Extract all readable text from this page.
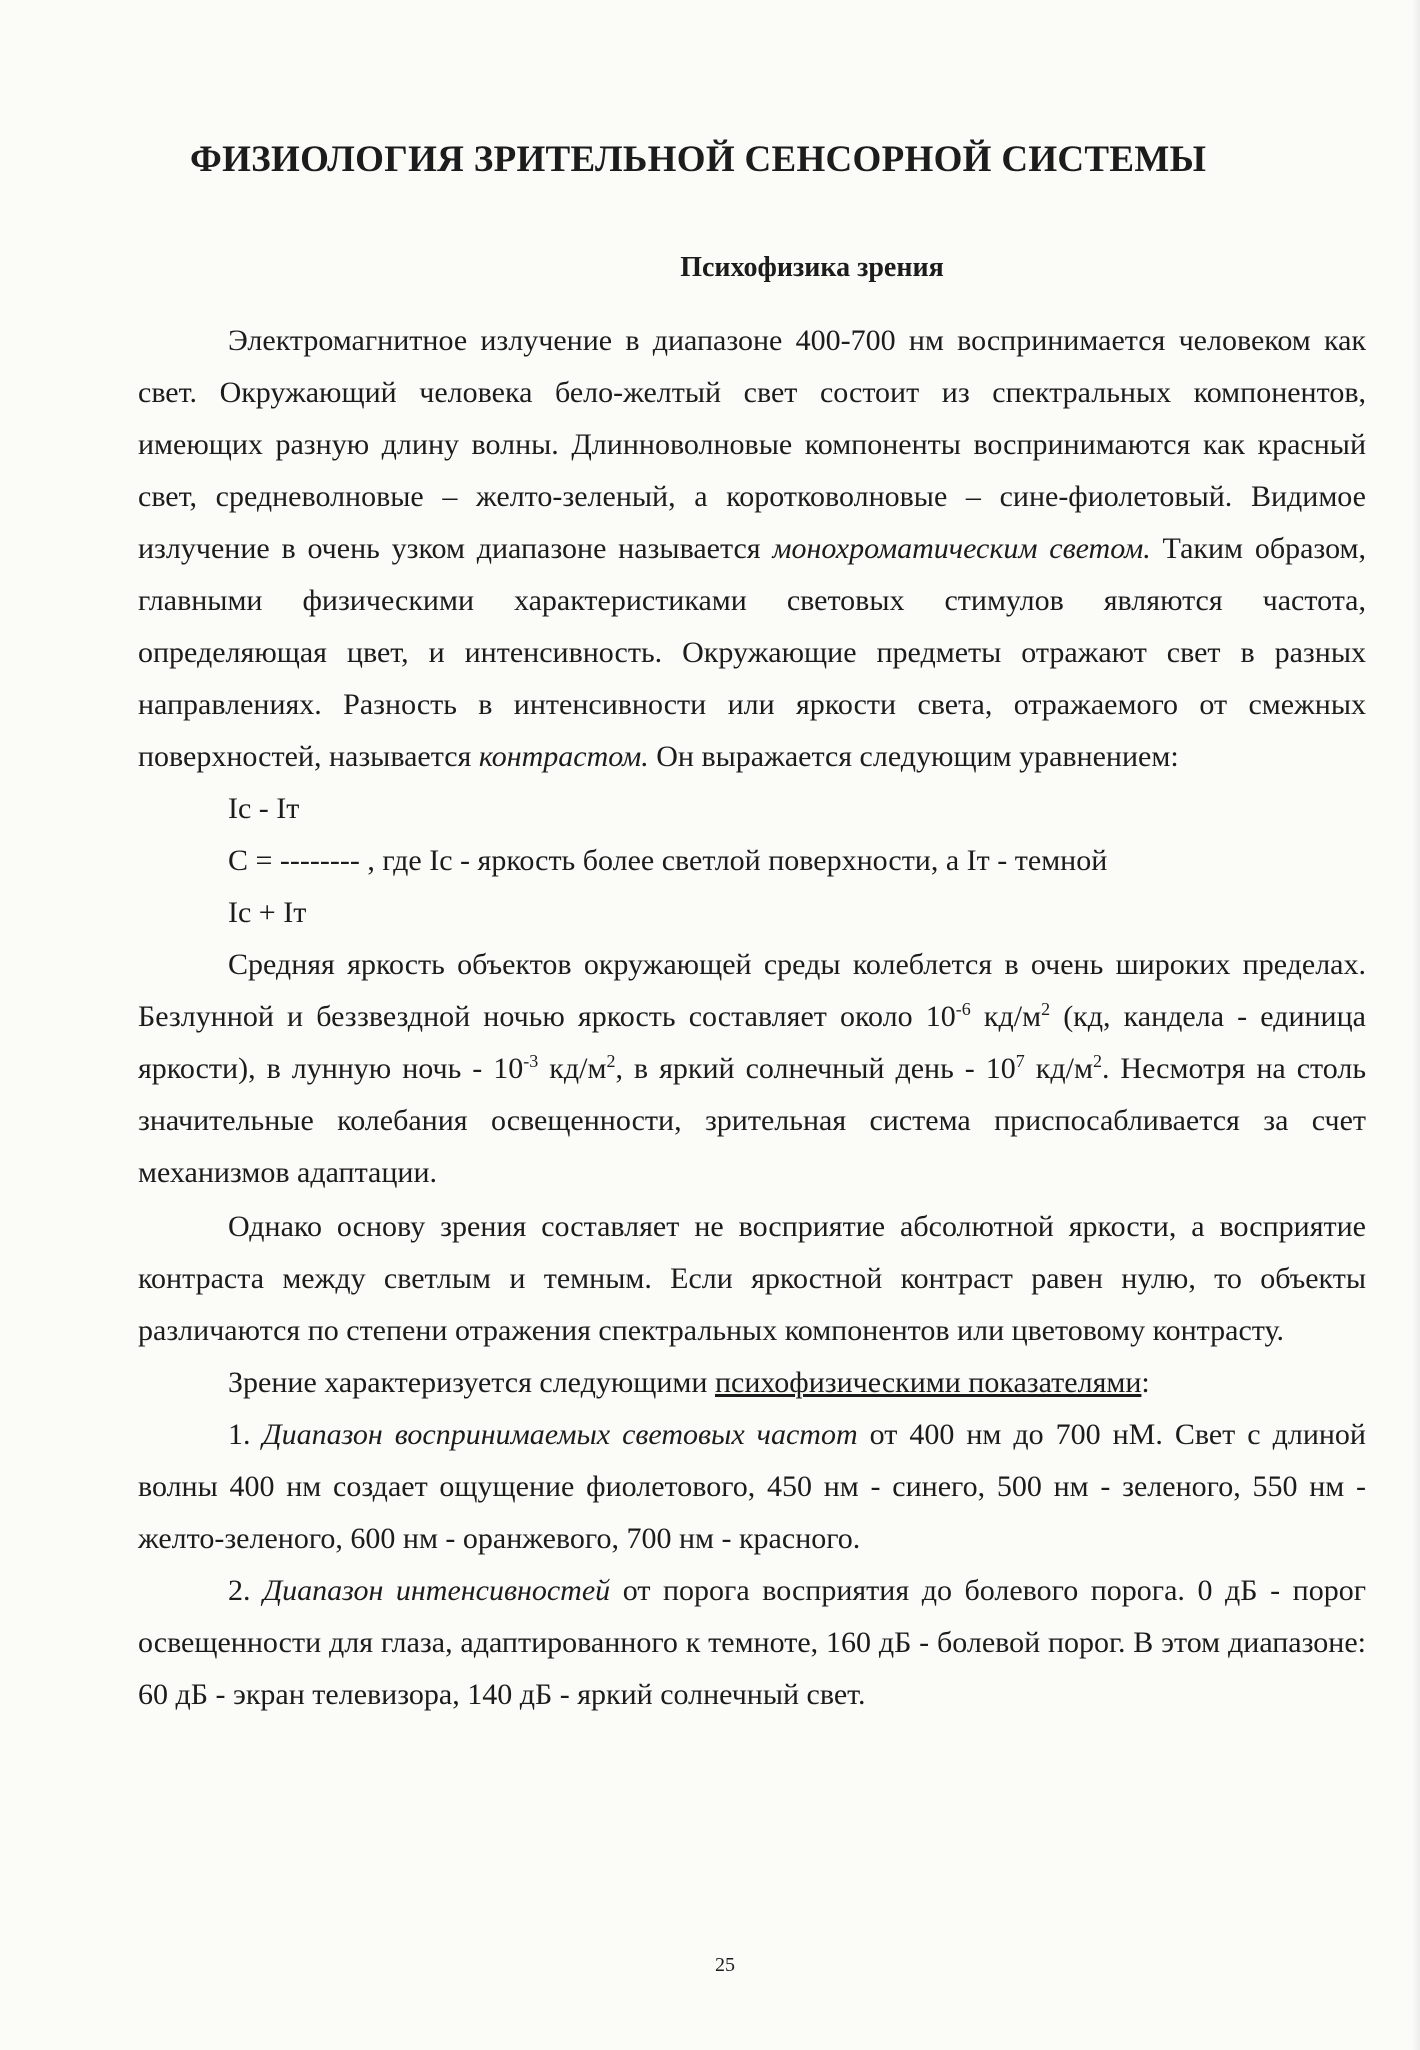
ФИЗИОЛОГИЯ ЗРИТЕЛЬНОЙ СЕНСОРНОЙ СИСТЕМЫ
Психофизика зрения

Электромагнитное излучение в диапазоне 400-700 нм воспринимается человеком как свет. Окружающий человека бело-желтый свет состоит из спектральных компонентов, имеющих разную длину волны. Длинноволновые компоненты воспринимаются как красный свет, средневолновые – желто-зеленый, а коротковолновые – сине-фиолетовый. Видимое излучение в очень узком диапазоне называется монохроматическим светом. Таким образом, главными физическими характеристиками световых стимулов являются частота, определяющая цвет, и интенсивность. Окружающие предметы отражают свет в разных направлениях. Разность в интенсивности или яркости света, отражаемого от смежных поверхностей, называется контрастом. Он выражается следующим уравнением:

Iс - Iт
C = -------- , где Iс - яркость более светлой поверхности, а Iт - темной
Iс + Iт

Средняя яркость объектов окружающей среды колеблется в очень широких пределах. Безлунной и беззвездной ночью яркость составляет около $10^{-6}$ $кд/м^2$ (кд, кандела - единица яркости), в лунную ночь - $10^{-3}$ $кд/м^2$, в яркий солнечный день - $10^7$ $кд/м^2$. Несмотря на столь значительные колебания освещенности, зрительная система приспосабливается за счет механизмов адаптации.

Однако основу зрения составляет не восприятие абсолютной яркости, а восприятие контраста между светлым и темным. Если яркостной контраст равен нулю, то объекты различаются по степени отражения спектральных компонентов или цветовому контрасту.

Зрение характеризуется следующими психофизическими показателями:

1. Диапазон воспринимаемых световых частот от 400 нм до 700 нМ. Свет с длиной волны 400 нм создает ощущение фиолетового, 450 нм - синего, 500 нм - зеленого, 550 нм - желто-зеленого, 600 нм - оранжевого, 700 нм - красного.

2. Диапазон интенсивностей от порога восприятия до болевого порога. 0 дБ - порог освещенности для глаза, адаптированного к темноте, 160 дБ - болевой порог. В этом диапазоне: 60 дБ - экран телевизора, 140 дБ - яркий солнечный свет.

25
